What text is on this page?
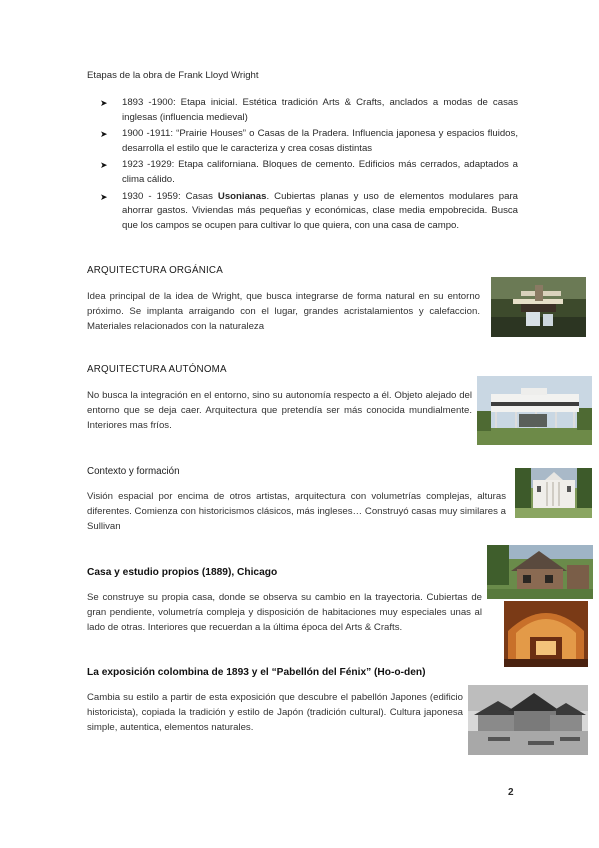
Etapas de la obra de Frank Lloyd Wright
➤ 1893 -1900: Etapa inicial. Estética tradición Arts & Crafts, anclados a modas de casas inglesas (influencia medieval)
➤ 1900 -1911: “Prairie Houses” o Casas de la Pradera. Influencia japonesa y espacios fluidos, desarrolla el estilo que le caracteriza y crea cosas distintas
➤ 1923 -1929: Etapa californiana. Bloques de cemento. Edificios más cerrados, adaptados a clima cálido.
➤ 1930 - 1959: Casas Usonianas. Cubiertas planas y uso de elementos modulares para ahorrar gastos. Viviendas más pequeñas y económicas, clase media empobrecida. Busca que los campos se ocupen para cultivar lo que quiera, con una casa de campo.
ARQUITECTURA ORGÁNICA
Idea principal de la idea de Wright, que busca integrarse de forma natural en su entorno próximo. Se implanta arraigando con el lugar, grandes acristalamientos y calefaccion. Materiales relacionados con la naturaleza
ARQUITECTURA AUTÓNOMA
No busca la integración en el entorno, sino su autonomía respecto a él. Objeto alejado del entorno que se deja caer. Arquitectura que pretendía ser más conocida mundialmente. Interiores mas fríos.
Contexto y formación
Visión espacial por encima de otros artistas, arquitectura con volumetrías complejas, alturas diferentes. Comienza con historicismos clásicos, más ingleses… Construyó casas muy similares a Sullivan
Casa y estudio propios (1889), Chicago
Se construye su propia casa, donde se observa su cambio en la trayectoria. Cubiertas de gran pendiente, volumetría compleja y disposición de habitaciones muy especiales unas al lado de otras. Interiores que recuerdan a la última época del Arts & Crafts.
La exposición colombina de 1893 y el “Pabellón del Fénix” (Ho-o-den)
Cambia su estilo a partir de esta exposición que descubre el pabellón Japones (edificio historicista), copiada la tradición y estilo de Japón (tradición cultural). Cultura japonesa simple, autentica, elementos naturales.
2
